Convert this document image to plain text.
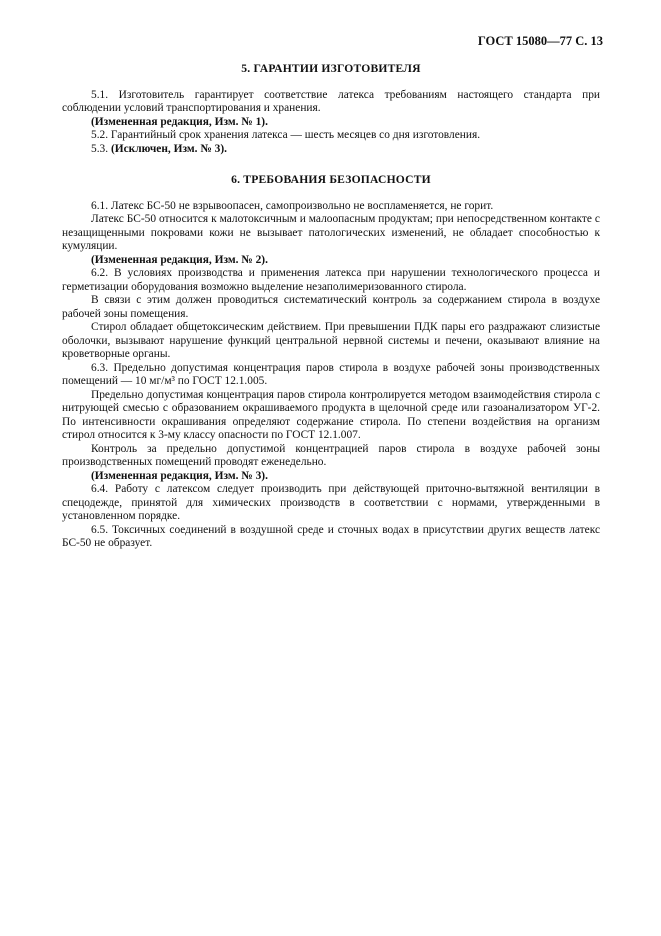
ГОСТ 15080—77 С. 13
5. ГАРАНТИИ ИЗГОТОВИТЕЛЯ

5.1. Изготовитель гарантирует соответствие латекса требованиям настоящего стандарта при соблюдении условий транспортирования и хранения.

(Измененная редакция, Изм. № 1).

5.2. Гарантийный срок хранения латекса — шесть месяцев со дня изготовления.

5.3. (Исключен, Изм. № 3).

6. ТРЕБОВАНИЯ БЕЗОПАСНОСТИ

6.1. Латекс БС-50 не взрывоопасен, самопроизвольно не воспламеняется, не горит.

Латекс БС-50 относится к малотоксичным и малоопасным продуктам; при непосредственном контакте с незащищенными покровами кожи не вызывает патологических изменений, не обладает способностью к кумуляции.

(Измененная редакция, Изм. № 2).

6.2. В условиях производства и применения латекса при нарушении технологического процесса и герметизации оборудования возможно выделение незаполимеризованного стирола.

В связи с этим должен проводиться систематический контроль за содержанием стирола в воздухе рабочей зоны помещения.

Стирол обладает общетоксическим действием. При превышении ПДК пары его раздражают слизистые оболочки, вызывают нарушение функций центральной нервной системы и печени, оказывают влияние на кроветворные органы.

6.3. Предельно допустимая концентрация паров стирола в воздухе рабочей зоны производственных помещений — 10 мг/м³ по ГОСТ 12.1.005.

Предельно допустимая концентрация паров стирола контролируется методом взаимодействия стирола с нитрующей смесью с образованием окрашиваемого продукта в щелочной среде или газоанализатором УГ-2. По интенсивности окрашивания определяют содержание стирола. По степени воздействия на организм стирол относится к 3-му классу опасности по ГОСТ 12.1.007.

Контроль за предельно допустимой концентрацией паров стирола в воздухе рабочей зоны производственных помещений проводят еженедельно.

(Измененная редакция, Изм. № 3).

6.4. Работу с латексом следует производить при действующей приточно-вытяжной вентиляции в спецодежде, принятой для химических производств в соответствии с нормами, утвержденными в установленном порядке.

6.5. Токсичных соединений в воздушной среде и сточных водах в присутствии других веществ латекс БС-50 не образует.
